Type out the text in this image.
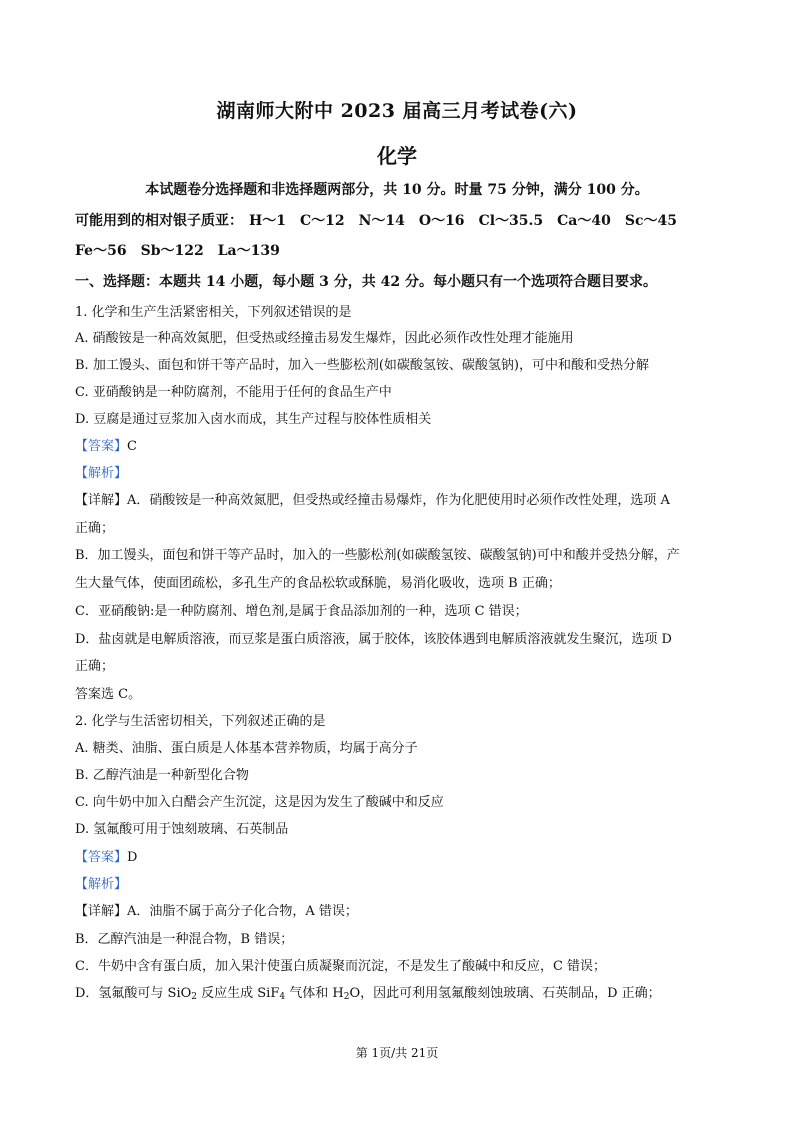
湖南师大附中 2023 届高三月考试卷(六)
化学
本试题卷分选择题和非选择题两部分，共 10 分。时量 75 分钟，满分 100 分。
可能用到的相对银子质亚： H～1 C～12 N～14 O～16 Cl～35.5 Ca～40 Sc～45
Fe～56 Sb～122 La～139
一、选择题：本题共 14 小题，每小题 3 分，共 42 分。每小题只有一个选项符合题目要求。
1. 化学和生产生活紧密相关，下列叙述错误的是
A. 硝酸铵是一种高效氮肥，但受热或经撞击易发生爆炸，因此必须作改性处理才能施用
B. 加工馒头、面包和饼干等产品时，加入一些膨松剂(如碳酸氢铵、碳酸氢钠)，可中和酸和受热分解
C. 亚硝酸钠是一种防腐剂，不能用于任何的食品生产中
D. 豆腐是通过豆浆加入卤水而成，其生产过程与胶体性质相关
【答案】C
【解析】
【详解】A．硝酸铵是一种高效氮肥，但受热或经撞击易爆炸，作为化肥使用时必须作改性处理，选项 A
正确；
B．加工馒头，面包和饼干等产品时，加入的一些膨松剂(如碳酸氢铵、碳酸氢钠)可中和酸并受热分解，产
生大量气体，使面团疏松，多孔生产的食品松软或酥脆，易消化吸收，选项 B 正确；
C．亚硝酸钠:是一种防腐剂、增色剂,是属于食品添加剂的一种，选项 C 错误；
D．盐卤就是电解质溶液，而豆浆是蛋白质溶液，属于胶体，该胶体遇到电解质溶液就发生聚沉，选项 D
正确；
答案选 C。
2. 化学与生活密切相关，下列叙述正确的是
A. 糖类、油脂、蛋白质是人体基本营养物质，均属于高分子
B. 乙醇汽油是一种新型化合物
C. 向牛奶中加入白醋会产生沉淀，这是因为发生了酸碱中和反应
D. 氢氟酸可用于蚀刻玻璃、石英制品
【答案】D
【解析】
【详解】A．油脂不属于高分子化合物，A 错误；
B．乙醇汽油是一种混合物，B 错误；
C．牛奶中含有蛋白质，加入果汁使蛋白质凝聚而沉淀，不是发生了酸碱中和反应，C 错误；
D．氢氟酸可与 SiO$_2$ 反应生成 SiF$_4$ 气体和 $H_2O$，因此可利用氢氟酸刻蚀玻璃、石英制品，D 正确；
第 1页/共 21页
